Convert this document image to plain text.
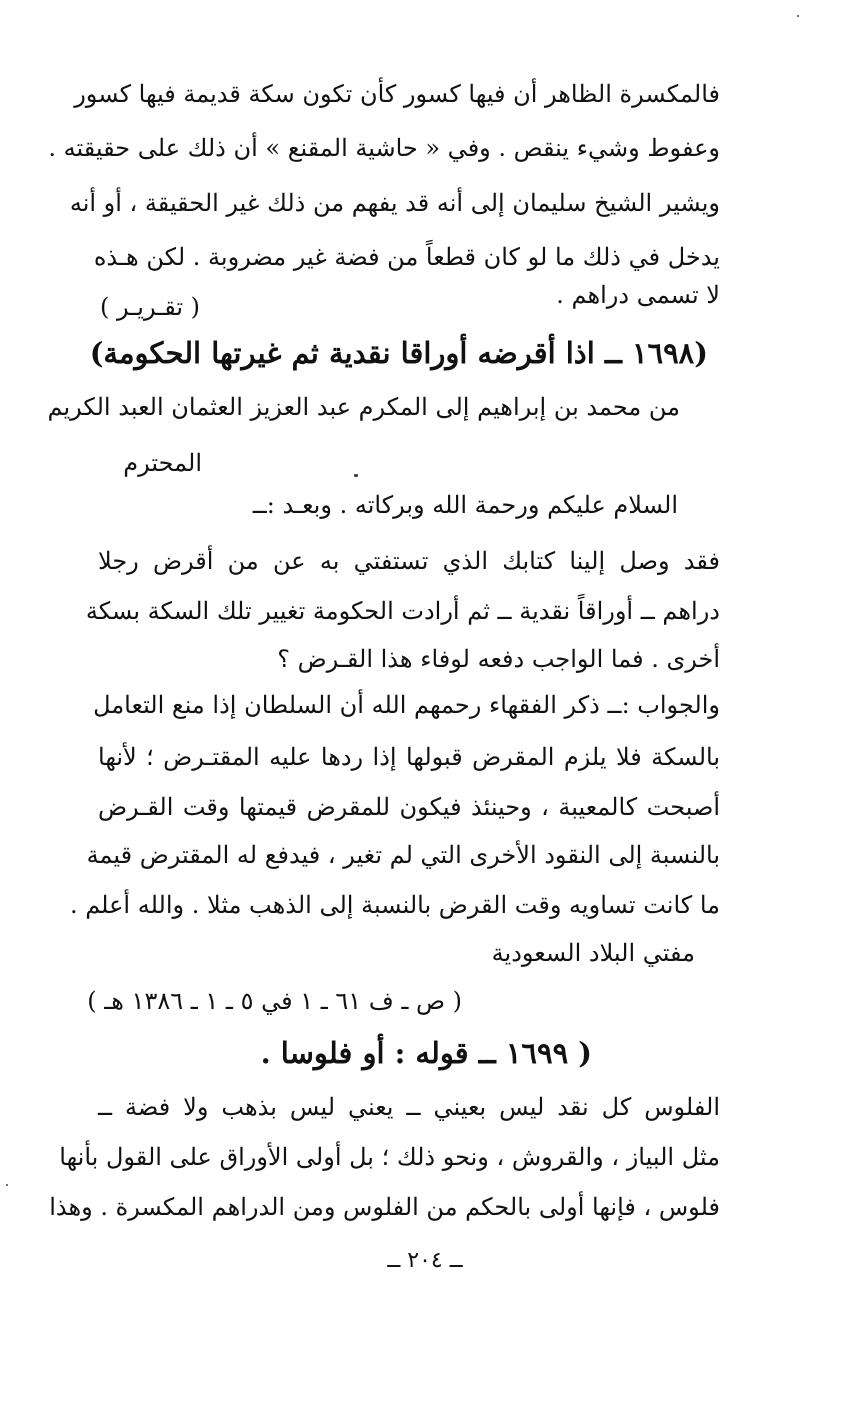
فالمكسرة الظاهر أن فيها كسور كأن تكون سكة قديمة فيها كسور
وعفوط وشيء ينقص . وفي « حاشية المقنع » أن ذلك على حقيقته .
ويشير الشيخ سليمان إلى أنه قد يفهم من ذلك غير الحقيقة ، أو أنه
يدخل في ذلك ما لو كان قطعاً من فضة غير مضروبة . لكن هـذه
لا تسمى دراهم .
( تقـريـر )
(١٦٩٨ ــ اذا أقرضه أوراقا نقدية ثم غيرتها الحكومة)
من محمد بن إبراهيم إلى المكرم عبد العزيز العثمان العبد الكريم
المحترم
السلام عليكم ورحمة الله وبركاته . وبعـد :ــ
فقد وصل إلينا كتابك الذي تستفتي به عن من أقرض رجلا
دراهم ــ أوراقاً نقدية ــ ثم أرادت الحكومة تغيير تلك السكة بسكة
أخرى . فما الواجب دفعه لوفاء هذا القـرض ؟
والجواب :ــ ذكر الفقهاء رحمهم الله أن السلطان إذا منع التعامل
بالسكة فلا يلزم المقرض قبولها إذا ردها عليه المقتـرض ؛ لأنها
أصبحت كالمعيبة ، وحينئذ فيكون للمقرض قيمتها وقت القـرض
بالنسبة إلى النقود الأخرى التي لم تغير ، فيدفع له المقترض قيمة
ما كانت تساويه وقت القرض بالنسبة إلى الذهب مثلا . والله أعلم .
مفتي البلاد السعودية
( ص ـ ف ٦١ ـ ١ في ٥ ـ ١ ـ ١٣٨٦ هـ )
( ١٦٩٩ ــ قوله : أو فلوسا .
الفلوس كل نقد ليس بعيني ــ يعني ليس بذهب ولا فضة ــ
مثل البياز ، والقروش ، ونحو ذلك ؛ بل أولى الأوراق على القول بأنها
فلوس ، فإنها أولى بالحكم من الفلوس ومن الدراهم المكسرة . وهذا
ــ ٢٠٤ ــ
